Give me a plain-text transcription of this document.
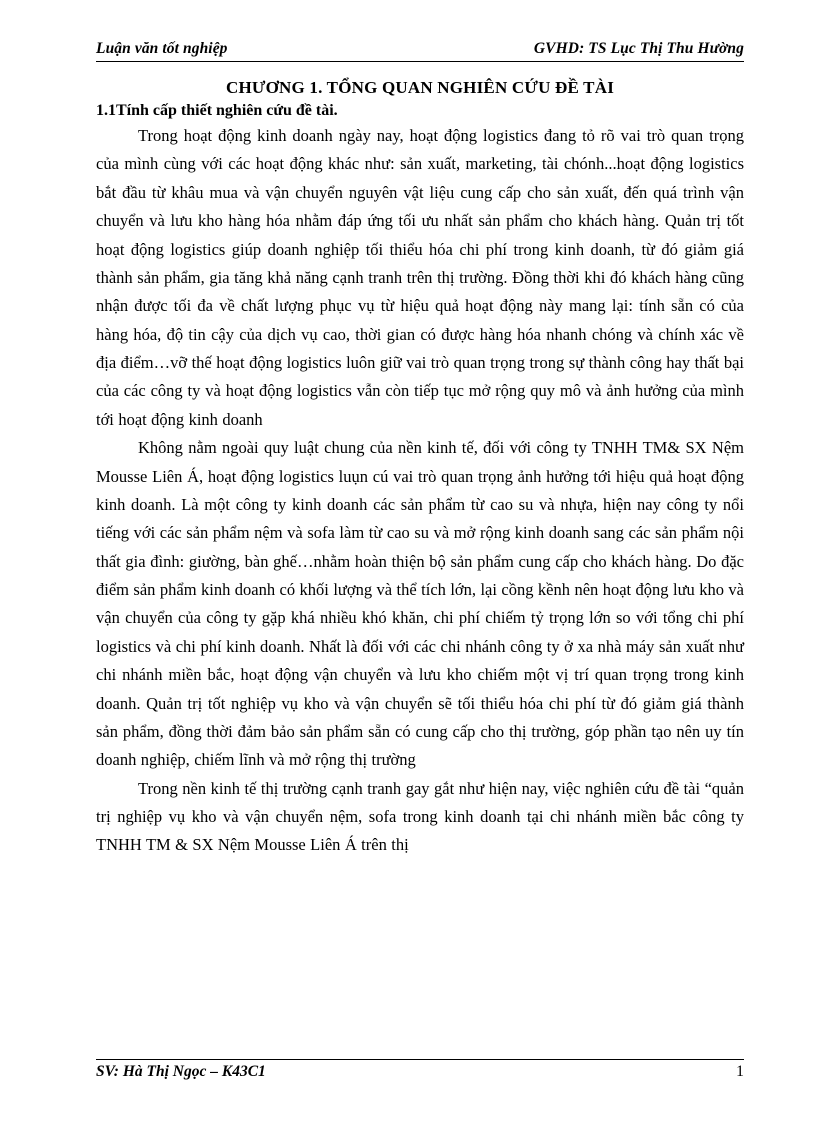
Luận văn tốt nghiệp	GVHD: TS Lục Thị Thu Hường
CHƯƠNG 1. TỔNG QUAN NGHIÊN CỨU ĐỀ TÀI
1.1Tính cấp thiết nghiên cứu đề tài.

Trong hoạt động kinh doanh ngày nay, hoạt động logistics đang tỏ rõ vai trò quan trọng của mình cùng với các hoạt động khác như: sản xuất, marketing, tài chónh...hoạt động logistics bắt đầu từ khâu mua và vận chuyển nguyên vật liệu cung cấp cho sản xuất, đến quá trình vận chuyển và lưu kho hàng hóa nhằm đáp ứng tối ưu nhất sản phẩm cho khách hàng. Quản trị tốt hoạt động logistics giúp doanh nghiệp tối thiểu hóa chi phí trong kinh doanh, từ đó giảm giá thành sản phẩm, gia tăng khả năng cạnh tranh trên thị trường. Đồng thời khi đó khách hàng cũng nhận được tối đa về chất lượng phục vụ từ hiệu quả hoạt động này mang lại: tính sẵn có của hàng hóa, độ tin cậy của dịch vụ cao, thời gian có được hàng hóa nhanh chóng và chính xác về địa điểm…vỡ thế hoạt động logistics luôn giữ vai trò quan trọng trong sự thành công hay thất bại của các công ty và hoạt động logistics vẫn còn tiếp tục mở rộng quy mô và ảnh hưởng của mình tới hoạt động kinh doanh

Không nằm ngoài quy luật chung của nền kinh tế, đối với công ty TNHH TM& SX Nệm Mousse Liên Á, hoạt động logistics luụn cú vai trò quan trọng ảnh hưởng tới hiệu quả hoạt động kinh doanh. Là một công ty kinh doanh các sản phẩm từ cao su và nhựa, hiện nay công ty nổi tiếng với các sản phẩm nệm và sofa làm từ cao su và mở rộng kinh doanh sang các sản phẩm nội thất gia đình: giường, bàn ghế…nhằm hoàn thiện bộ sản phẩm cung cấp cho khách hàng. Do đặc điểm sản phẩm kinh doanh có khối lượng và thể tích lớn, lại cồng kềnh nên hoạt động lưu kho và vận chuyển của công ty gặp khá nhiều khó khăn, chi phí chiếm tỷ trọng lớn so với tổng chi phí logistics và chi phí kinh doanh. Nhất là đối với các chi nhánh công ty ở xa nhà máy sản xuất như chi nhánh miền bắc, hoạt động vận chuyển và lưu kho chiếm một vị trí quan trọng trong kinh doanh. Quản trị tốt nghiệp vụ kho và vận chuyển sẽ tối thiểu hóa chi phí từ đó giảm giá thành sản phẩm, đồng thời đảm bảo sản phẩm sẵn có cung cấp cho thị trường, góp phần tạo nên uy tín doanh nghiệp, chiếm lĩnh và mở rộng thị trường

Trong nền kinh tế thị trường cạnh tranh gay gắt như hiện nay, việc nghiên cứu đề tài “quản trị nghiệp vụ kho và vận chuyển nệm, sofa trong kinh doanh tại chi nhánh miền bắc công ty TNHH TM & SX Nệm Mousse Liên Á trên thị

SV: Hà Thị Ngọc – K43C1	1
